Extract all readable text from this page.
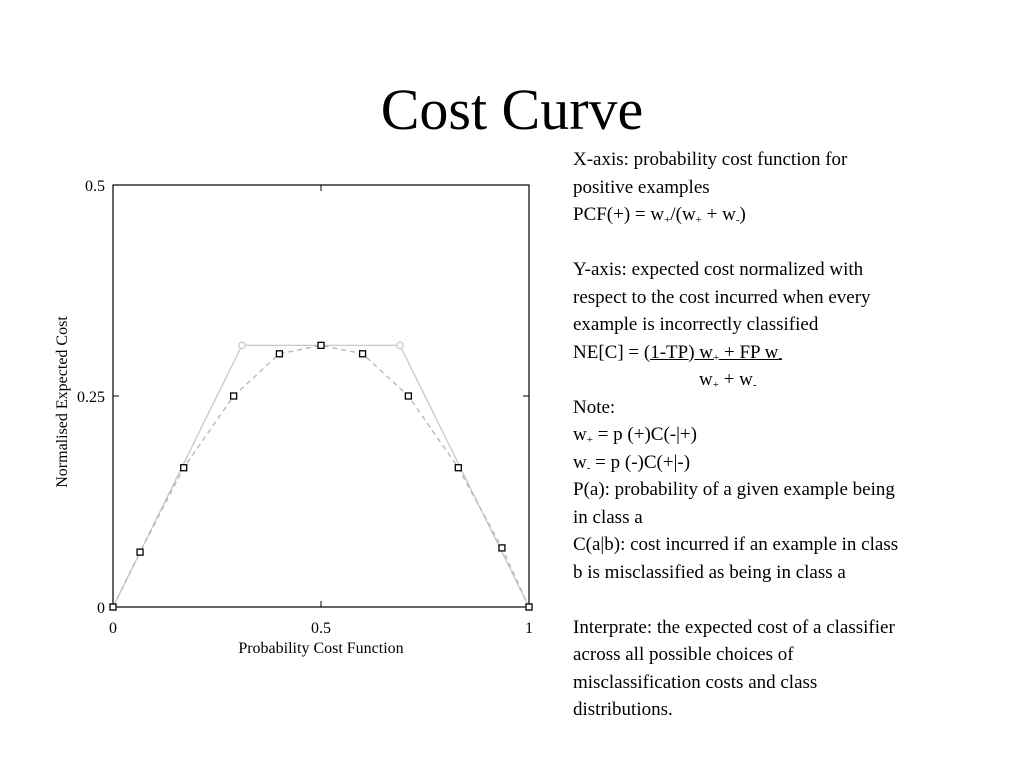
Cost Curve
0	0.5	1
0
0.25
0.5
Probability Cost Function
Normalised Expected Cost
X-axis: probability cost function for
positive examples
$PCF(+) = w_+/(w_+ + w_-)$
Y-axis: expected cost normalized with
respect to the cost incurred when every
example is incorrectly classified
NE[C] = (1-TP) $w_+$ + FP $w_-$
$w_+ + w_-$
Note:
$w_+ = p$ (+)C(-|+)
$w_- = p$ (-)C(+|-)
P(a): probability of a given example being
in class a
C(a|b): cost incurred if an example in class
b is misclassified as being in class a
Interprate: the expected cost of a classifier
across all possible choices of
misclassification costs and class
distributions.
